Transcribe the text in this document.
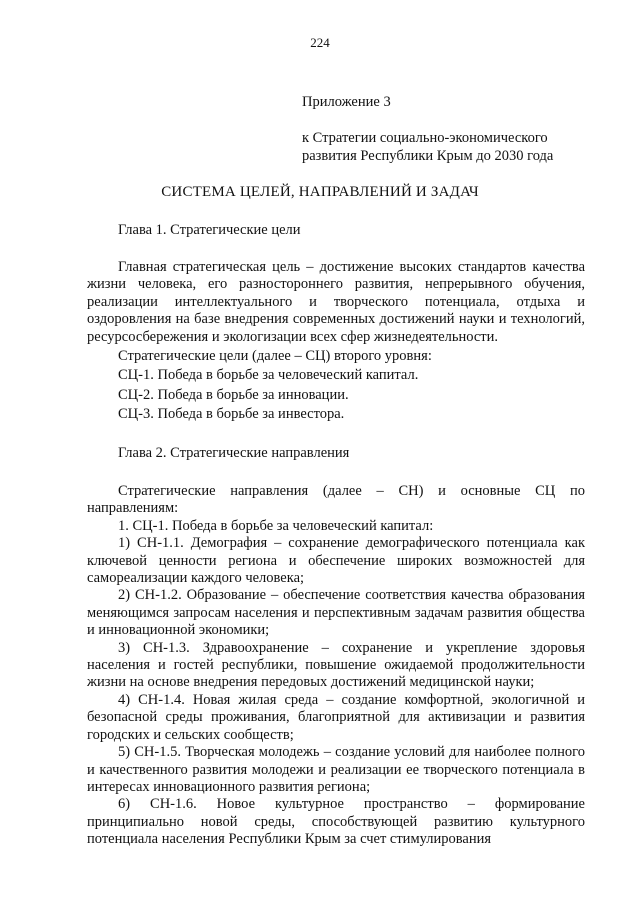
224
Приложение 3
к Стратегии социально-экономического
развития Республики Крым до 2030 года
СИСТЕМА ЦЕЛЕЙ, НАПРАВЛЕНИЙ И ЗАДАЧ
Глава 1. Стратегические цели

Главная стратегическая цель – достижение высоких стандартов качества жизни человека, его разностороннего развития, непрерывного обучения, реализации интеллектуального и творческого потенциала, отдыха и оздоровления на базе внедрения современных достижений науки и технологий, ресурсосбережения и экологизации всех сфер жизнедеятельности.

Стратегические цели (далее – СЦ) второго уровня:

СЦ-1. Победа в борьбе за человеческий капитал.

СЦ-2. Победа в борьбе за инновации.

СЦ-3. Победа в борьбе за инвестора.

Глава 2. Стратегические направления

Стратегические направления (далее – СН) и основные СЦ по направлениям:

1. СЦ-1. Победа в борьбе за человеческий капитал:

1) СН-1.1. Демография – сохранение демографического потенциала как ключевой ценности региона и обеспечение широких возможностей для самореализации каждого человека;

2) СН-1.2. Образование – обеспечение соответствия качества образования меняющимся запросам населения и перспективным задачам развития общества и инновационной экономики;

3) СН-1.3. Здравоохранение – сохранение и укрепление здоровья населения и гостей республики, повышение ожидаемой продолжительности жизни на основе внедрения передовых достижений медицинской науки;

4) СН-1.4. Новая жилая среда – создание комфортной, экологичной и безопасной среды проживания, благоприятной для активизации и развития городских и сельских сообществ;

5) СН-1.5. Творческая молодежь – создание условий для наиболее полного и качественного развития молодежи и реализации ее творческого потенциала в интересах инновационного развития региона;

6) СН-1.6. Новое культурное пространство – формирование принципиально новой среды, способствующей развитию культурного потенциала населения Республики Крым за счет стимулирования
